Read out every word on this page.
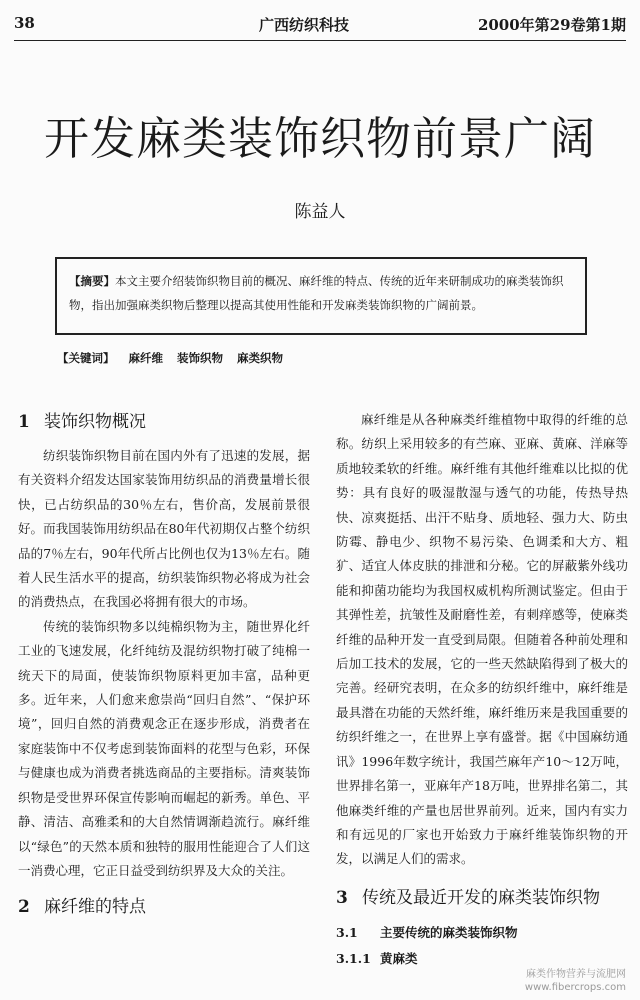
38	广西纺织科技	2000年第29卷第1期
开发麻类装饰织物前景广阔
陈益人
【摘要】本文主要介绍装饰织物目前的概况、麻纤维的特点、传统的近年来研制成功的麻类装饰织物，指出加强麻类织物后整理以提高其使用性能和开发麻类装饰织物的广阔前景。
【关键词】 麻纤维 装饰织物 麻类织物
1 装饰织物概况

纺织装饰织物目前在国内外有了迅速的发展，据有关资料介绍发达国家装饰用纺织品的消费量增长很快，已占纺织品的30％左右，售价高，发展前景很好。而我国装饰用纺织品在80年代初期仅占整个纺织品的7％左右，90年代所占比例也仅为13％左右。随着人民生活水平的提高，纺织装饰织物必将成为社会的消费热点，在我国必将拥有很大的市场。

传统的装饰织物多以纯棉织物为主，随世界化纤工业的飞速发展，化纤纯纺及混纺织物打破了纯棉一统天下的局面，使装饰织物原料更加丰富，品种更多。近年来，人们愈来愈崇尚“回归自然”、“保护环境”，回归自然的消费观念正在逐步形成，消费者在家庭装饰中不仅考虑到装饰面料的花型与色彩，环保与健康也成为消费者挑选商品的主要指标。清爽装饰织物是受世界环保宣传影响而崛起的新秀。单色、平静、清洁、高雅柔和的大自然情调渐趋流行。麻纤维以“绿色”的天然本质和独特的服用性能迎合了人们这一消费心理，它正日益受到纺织界及大众的关注。

2 麻纤维的特点

麻纤维是从各种麻类纤维植物中取得的纤维的总称。纺织上采用较多的有苎麻、亚麻、黄麻、洋麻等质地较柔软的纤维。麻纤维有其他纤维难以比拟的优势：具有良好的吸湿散湿与透气的功能，传热导热快、凉爽挺括、出汗不贴身、质地轻、强力大、防虫防霉、静电少、织物不易污染、色调柔和大方、粗犷、适宜人体皮肤的排泄和分秘。它的屏蔽紫外线功能和抑菌功能均为我国权威机构所测试鉴定。但由于其弹性差，抗皱性及耐磨性差，有刺痒感等，使麻类纤维的品种开发一直受到局限。但随着各种前处理和后加工技术的发展，它的一些天然缺陷得到了极大的完善。经研究表明，在众多的纺织纤维中，麻纤维是最具潜在功能的天然纤维，麻纤维历来是我国重要的纺织纤维之一，在世界上享有盛誉。据《中国麻纺通讯》1996年数字统计，我国苎麻年产10～12万吨，世界排名第一，亚麻年产18万吨，世界排名第二，其他麻类纤维的产量也居世界前列。近来，国内有实力和有远见的厂家也开始致力于麻纤维装饰织物的开发，以满足人们的需求。

3 传统及最近开发的麻类装饰织物
3.1 主要传统的麻类装饰织物
3.1.1 黄麻类
麻类作物营养与流肥网
www.fibercrops.com
